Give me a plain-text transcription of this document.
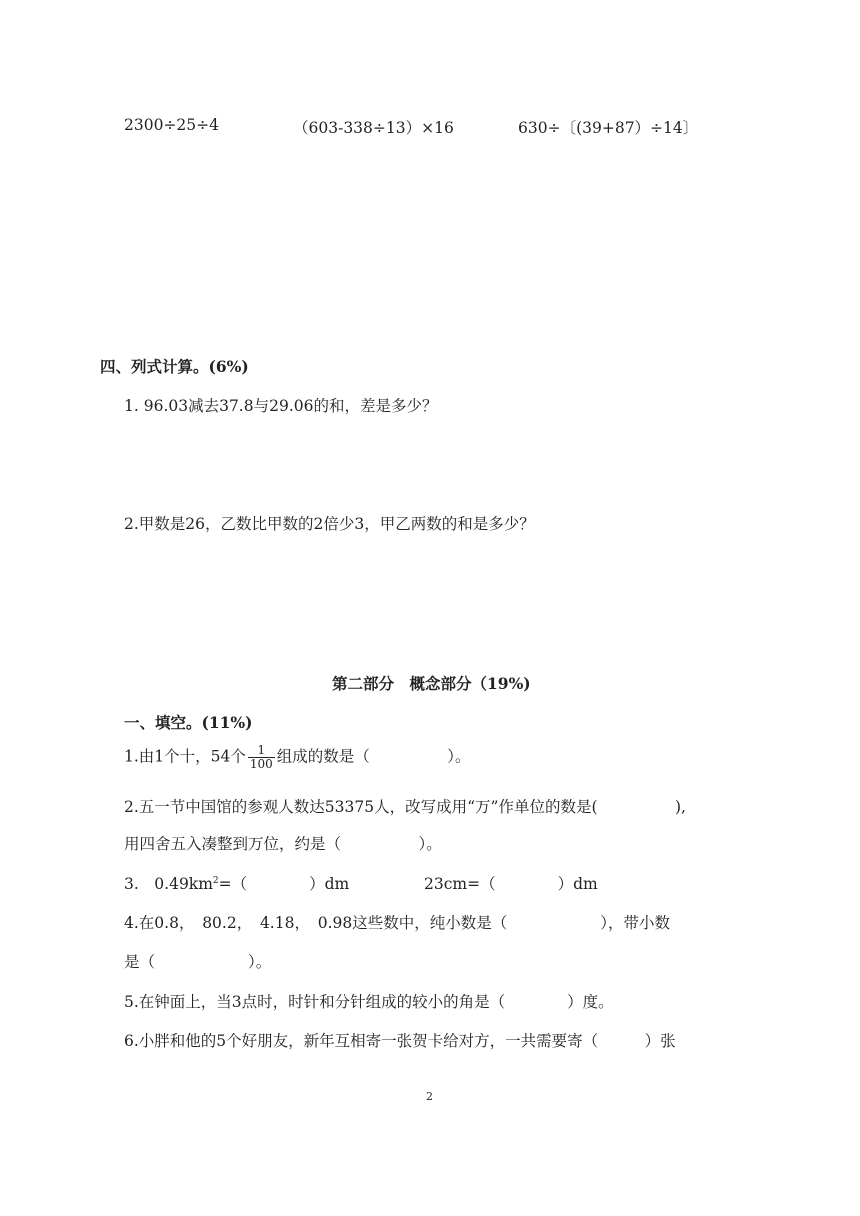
2300÷25÷4	（603-338÷13）×16	630÷〔(39+87）÷14〕
四、列式计算。(6%)
1. 96.03减去37.8与29.06的和，差是多少？
2.甲数是26，乙数比甲数的2倍少3，甲乙两数的和是多少？
第二部分　概念部分（19%)
一、填空。(11%)
1.由1个十，54个 $\frac{1}{100}$ 组成的数是（　　　　　）。
2.五一节中国馆的参观人数达53375人，改写成用“万”作单位的数是(　　　　　),
用四舍五入凑整到万位，约是（　　　　　）。
3.　$0.49km^2=$（　　　　）dm	23cm=（　　　　）dm
4.在0.8，　80.2，　4.18，　0.98这些数中，纯小数是（　　　　　　），带小数
是（　　　　　　）。
5.在钟面上，当3点时，时针和分针组成的较小的角是（　　　　）度。
6.小胖和他的5个好朋友，新年互相寄一张贺卡给对方，一共需要寄（　　　）张
2
